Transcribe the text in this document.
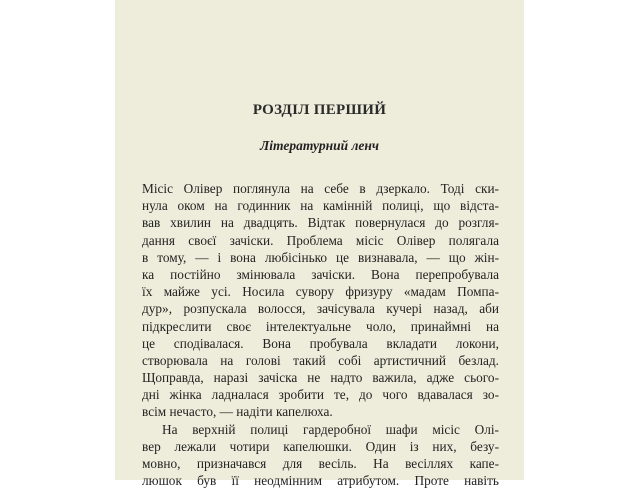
РОЗДІЛ ПЕРШИЙ
Літературний ленч
Місіс Олівер поглянула на себе в дзеркало. Тоді ски-
нула оком на годинник на камінній полиці, що відста-
вав хвилин на двадцять. Відтак повернулася до розгля-
дання своєї зачіски. Проблема місіс Олівер полягала
в тому, — і вона любісінько це визнавала, — що жін-
ка постійно змінювала зачіски. Вона перепробувала
їх майже усі. Носила сувору фризуру «мадам Помпа-
дур», розпускала волосся, зачісувала кучері назад, аби
підкреслити своє інтелектуальне чоло, принаймні на
це сподівалася. Вона пробувала вкладати локони,
створювала на голові такий собі артистичний безлад.
Щоправда, наразі зачіска не надто важила, адже сього-
дні жінка ладналася зробити те, до чого вдавалася зо-
всім нечасто, — надіти капелюха.
На верхній полиці гардеробної шафи місіс Олі-
вер лежали чотири капелюшки. Один із них, безу-
мовно, призначався для весіль. На весіллях капе-
люшок був її неодмінним атрибутом. Проте навіть
